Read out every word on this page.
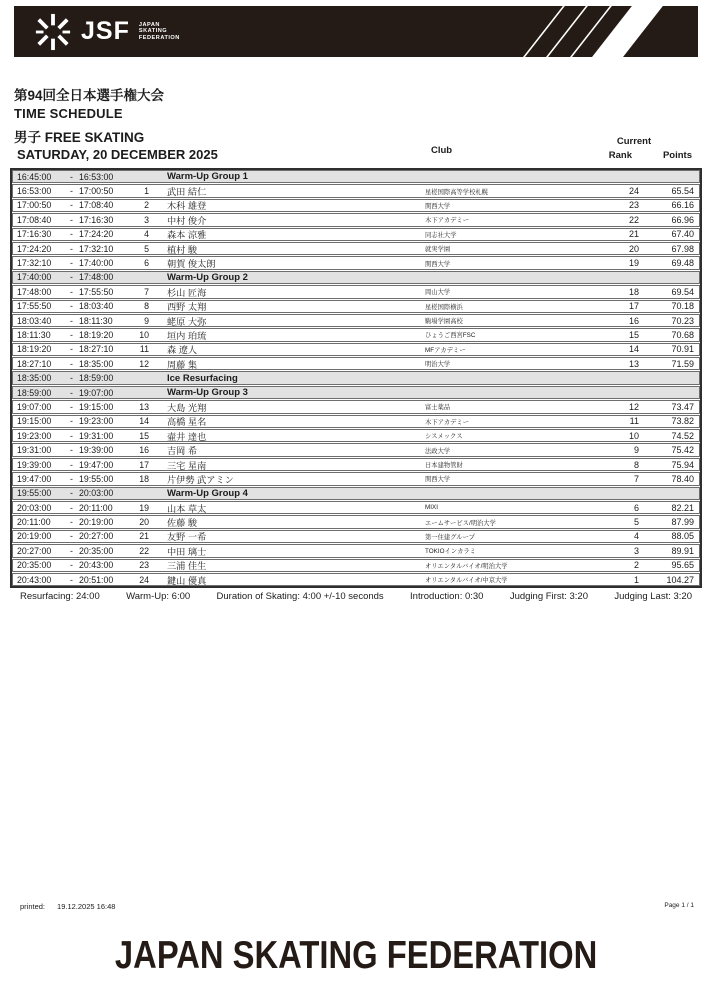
JSF JAPAN
SKATING
FEDERATION
第94回全日本選手権大会
TIME SCHEDULE
男子 FREE SKATING
SATURDAY, 20 DECEMBER 2025	Club
Current
Rank	Points
16:45:00	- 16:53:00	Warm-Up Group 1
16:53:00	- 17:00:50	1	武田 結仁	星槎国際高等学校札幌	24	65.54
17:00:50	- 17:08:40	2	木科 雄登	関西大学	23	66.16
17:08:40	- 17:16:30	3	中村 俊介	木下アカデミー	22	66.96
17:16:30	- 17:24:20	4	森本 涼雅	同志社大学	21	67.40
17:24:20	- 17:32:10	5	植村 駿	就実学園	20	67.98
17:32:10	- 17:40:00	6	朝賀 俊太朗	関西大学	19	69.48
17:40:00	- 17:48:00	Warm-Up Group 2
17:48:00	- 17:55:50	7	杉山 匠海	岡山大学	18	69.54
17:55:50	- 18:03:40	8	西野 太翔	星槎国際横浜	17	70.18
18:03:40	- 18:11:30	9	蛯原 大弥	駒場学園高校	16	70.23
18:11:30	- 18:19:20	10	垣内 珀琉	ひょうご西宮FSC	15	70.68
18:19:20	- 18:27:10	11	森 遼人	MFアカデミー	14	70.91
18:27:10	- 18:35:00	12	周藤 集	明治大学	13	71.59
18:35:00	- 18:59:00	Ice Resurfacing
18:59:00	- 19:07:00	Warm-Up Group 3
19:07:00	- 19:15:00	13	大島 光翔	富士薬品	12	73.47
19:15:00	- 19:23:00	14	高橋 星名	木下アカデミー	11	73.82
19:23:00	- 19:31:00	15	壷井 達也	シスメックス	10	74.52
19:31:00	- 19:39:00	16	吉岡 希	法政大学	9	75.42
19:39:00	- 19:47:00	17	三宅 星南	日本建物管財	8	75.94
19:47:00	- 19:55:00	18	片伊勢 武アミン	関西大学	7	78.40
19:55:00	- 20:03:00	Warm-Up Group 4
20:03:00	- 20:11:00	19	山本 草太	MIXI	6	82.21
20:11:00	- 20:19:00	20	佐藤 駿	エームサービス/明治大学	5	87.99
20:19:00	- 20:27:00	21	友野 一希	第一住建グループ	4	88.05
20:27:00	- 20:35:00	22	中田 璃士	TOKIOインカラミ	3	89.91
20:35:00	- 20:43:00	23	三浦 佳生	オリエンタルバイオ/明治大学	2	95.65
20:43:00	- 20:51:00	24	鍵山 優真	オリエンタルバイオ/中京大学	1	104.27
Resurfacing: 24:00	Warm-Up: 6:00	Duration of Skating: 4:00 +/-10 seconds	Introduction: 0:30	Judging First: 3:20	Judging Last: 3:20
printed: 19.12.2025 16:48	Page 1 / 1
JAPAN SKATING FEDERATION
